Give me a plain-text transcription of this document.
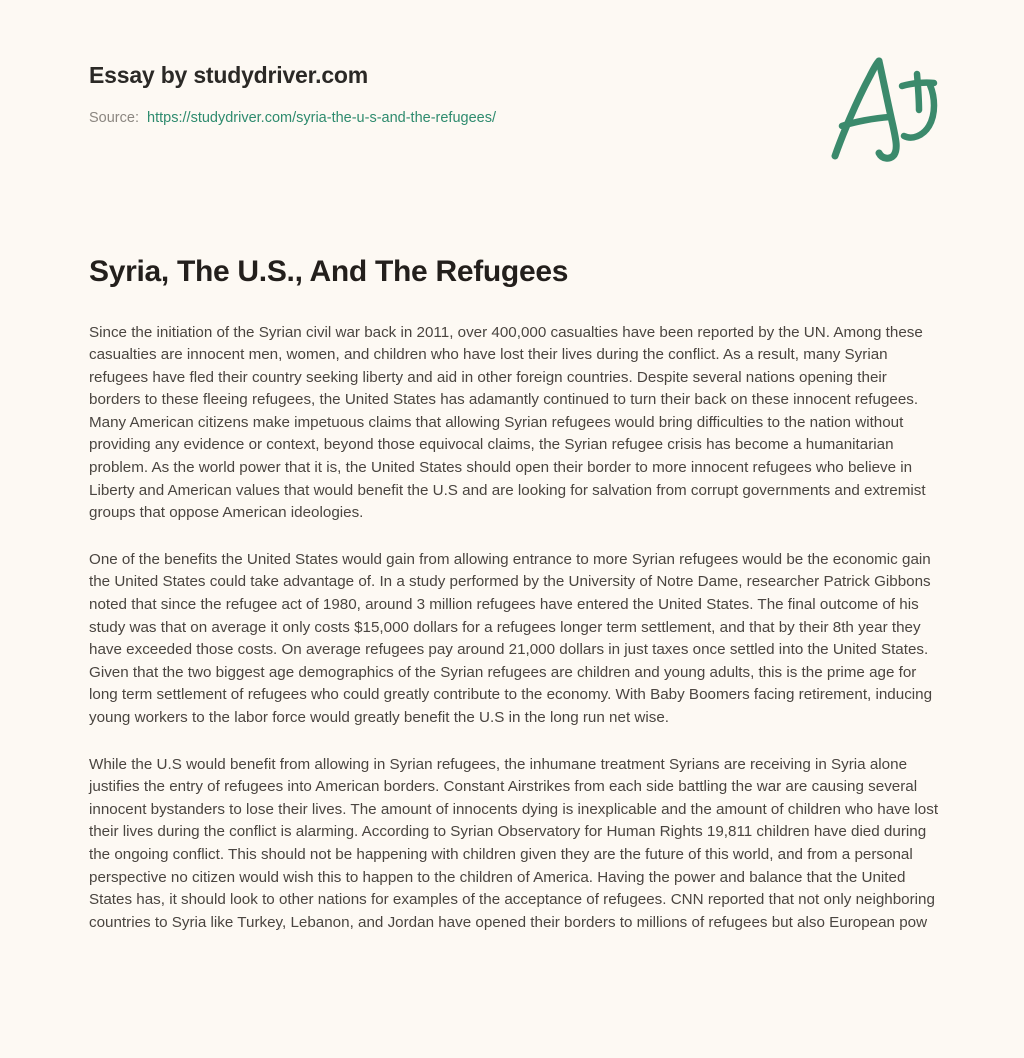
Essay by studydriver.com
Source: https://studydriver.com/syria-the-u-s-and-the-refugees/
Syria, The U.S., And The Refugees

Since the initiation of the Syrian civil war back in 2011, over 400,000 casualties have been reported by the UN. Among these casualties are innocent men, women, and children who have lost their lives during the conflict. As a result, many Syrian refugees have fled their country seeking liberty and aid in other foreign countries. Despite several nations opening their borders to these fleeing refugees, the United States has adamantly continued to turn their back on these innocent refugees. Many American citizens make impetuous claims that allowing Syrian refugees would bring difficulties to the nation without providing any evidence or context, beyond those equivocal claims, the Syrian refugee crisis has become a humanitarian problem. As the world power that it is, the United States should open their border to more innocent refugees who believe in Liberty and American values that would benefit the U.S and are looking for salvation from corrupt governments and extremist groups that oppose American ideologies.

One of the benefits the United States would gain from allowing entrance to more Syrian refugees would be the economic gain the United States could take advantage of. In a study performed by the University of Notre Dame, researcher Patrick Gibbons noted that since the refugee act of 1980, around 3 million refugees have entered the United States. The final outcome of his study was that on average it only costs $15,000 dollars for a refugees longer term settlement, and that by their 8th year they have exceeded those costs. On average refugees pay around 21,000 dollars in just taxes once settled into the United States. Given that the two biggest age demographics of the Syrian refugees are children and young adults, this is the prime age for long term settlement of refugees who could greatly contribute to the economy. With Baby Boomers facing retirement, inducing young workers to the labor force would greatly benefit the U.S in the long run net wise.

While the U.S would benefit from allowing in Syrian refugees, the inhumane treatment Syrians are receiving in Syria alone justifies the entry of refugees into American borders. Constant Airstrikes from each side battling the war are causing several innocent bystanders to lose their lives. The amount of innocents dying is inexplicable and the amount of children who have lost their lives during the conflict is alarming. According to Syrian Observatory for Human Rights 19,811 children have died during the ongoing conflict. This should not be happening with children given they are the future of this world, and from a personal perspective no citizen would wish this to happen to the children of America. Having the power and balance that the United States has, it should look to other nations for examples of the acceptance of refugees. CNN reported that not only neighboring countries to Syria like Turkey, Lebanon, and Jordan have opened their borders to millions of refugees but also European pow
